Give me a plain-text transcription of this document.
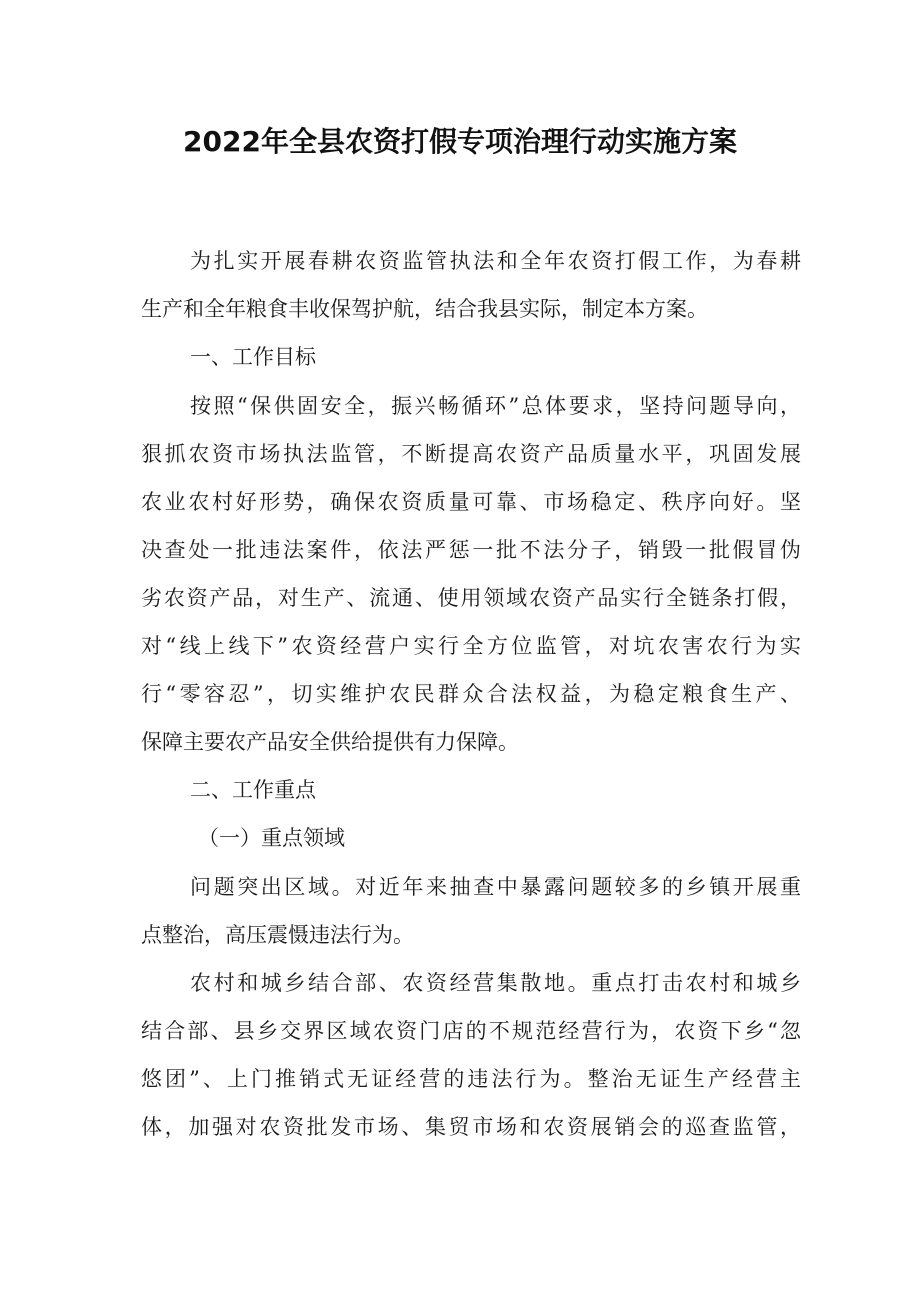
2022年全县农资打假专项治理行动实施方案
为扎实开展春耕农资监管执法和全年农资打假工作，为春耕
生产和全年粮食丰收保驾护航，结合我县实际，制定本方案。
一、工作目标
按照“保供固安全，振兴畅循环”总体要求，坚持问题导向，
狠抓农资市场执法监管，不断提高农资产品质量水平，巩固发展
农业农村好形势，确保农资质量可靠、市场稳定、秩序向好。坚
决查处一批违法案件，依法严惩一批不法分子，销毁一批假冒伪
劣农资产品，对生产、流通、使用领域农资产品实行全链条打假，
对“线上线下”农资经营户实行全方位监管，对坑农害农行为实
行“零容忍”，切实维护农民群众合法权益，为稳定粮食生产、
保障主要农产品安全供给提供有力保障。
二、工作重点
（一）重点领域
问题突出区域。对近年来抽查中暴露问题较多的乡镇开展重
点整治，高压震慑违法行为。
农村和城乡结合部、农资经营集散地。重点打击农村和城乡
结合部、县乡交界区域农资门店的不规范经营行为，农资下乡“忽
悠团”、上门推销式无证经营的违法行为。整治无证生产经营主
体，加强对农资批发市场、集贸市场和农资展销会的巡查监管，
